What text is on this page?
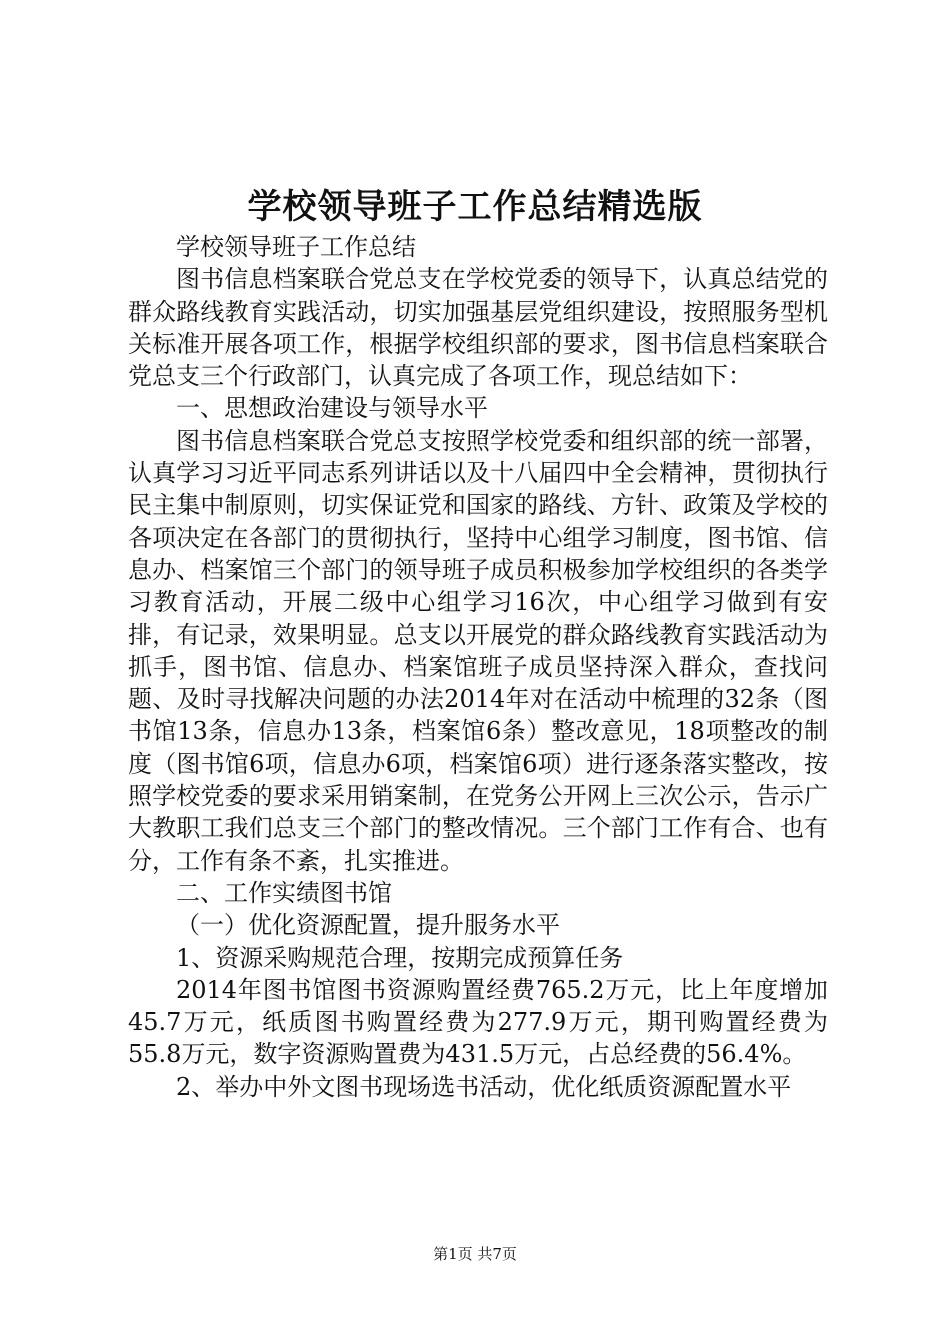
学校领导班子工作总结精选版

学校领导班子工作总结

图书信息档案联合党总支在学校党委的领导下，认真总结党的群众路线教育实践活动，切实加强基层党组织建设，按照服务型机关标准开展各项工作，根据学校组织部的要求，图书信息档案联合党总支三个行政部门，认真完成了各项工作，现总结如下：

一、思想政治建设与领导水平

图书信息档案联合党总支按照学校党委和组织部的统一部署，认真学习习近平同志系列讲话以及十八届四中全会精神，贯彻执行民主集中制原则，切实保证党和国家的路线、方针、政策及学校的各项决定在各部门的贯彻执行，坚持中心组学习制度，图书馆、信息办、档案馆三个部门的领导班子成员积极参加学校组织的各类学习教育活动，开展二级中心组学习16次，中心组学习做到有安排，有记录，效果明显。总支以开展党的群众路线教育实践活动为抓手，图书馆、信息办、档案馆班子成员坚持深入群众，查找问题、及时寻找解决问题的办法2014年对在活动中梳理的32条（图书馆13条，信息办13条，档案馆6条）整改意见，18项整改的制度（图书馆6项，信息办6项，档案馆6项）进行逐条落实整改，按照学校党委的要求采用销案制，在党务公开网上三次公示，告示广大教职工我们总支三个部门的整改情况。三个部门工作有合、也有分，工作有条不紊，扎实推进。

二、工作实绩图书馆

（一）优化资源配置，提升服务水平

1、资源采购规范合理，按期完成预算任务

2014年图书馆图书资源购置经费765.2万元，比上年度增加45.7万元，纸质图书购置经费为277.9万元，期刊购置经费为55.8万元，数字资源购置费为431.5万元，占总经费的56.4%。

2、举办中外文图书现场选书活动，优化纸质资源配置水平

第1页 共7页
